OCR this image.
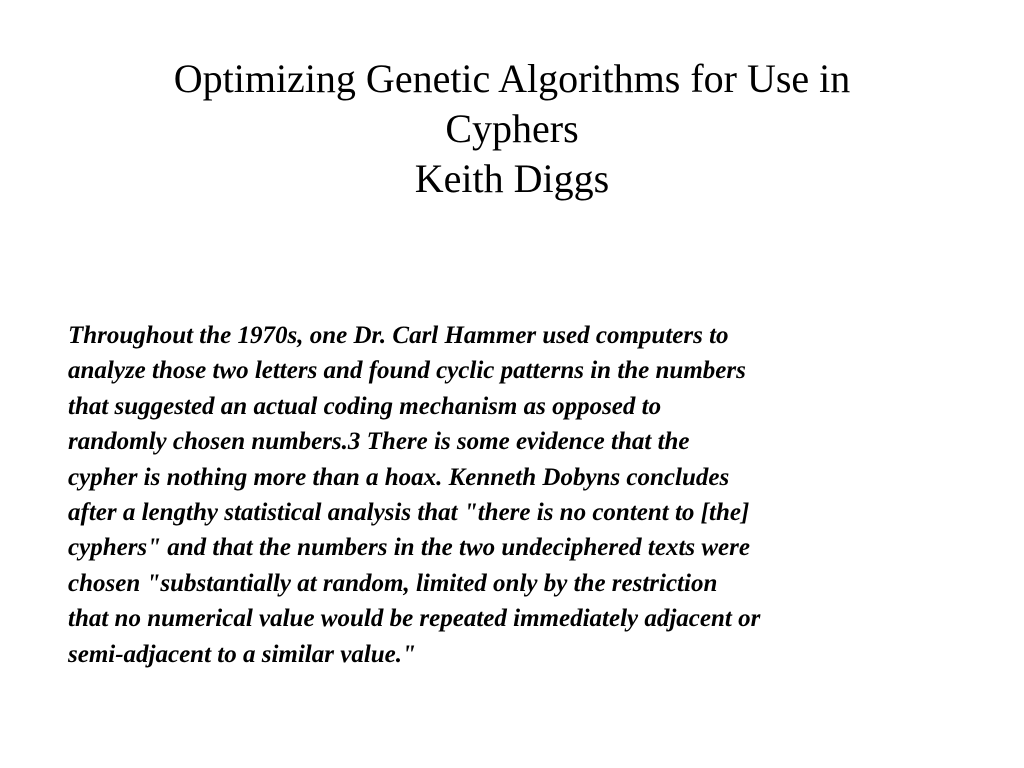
Optimizing Genetic Algorithms for Use in
Cyphers
Keith Diggs
Throughout the 1970s, one Dr. Carl Hammer used computers to
analyze those two letters and found cyclic patterns in the numbers
that suggested an actual coding mechanism as opposed to
randomly chosen numbers.3 There is some evidence that the
cypher is nothing more than a hoax. Kenneth Dobyns concludes
after a lengthy statistical analysis that "there is no content to [the]
cyphers" and that the numbers in the two undeciphered texts were
chosen "substantially at random, limited only by the restriction
that no numerical value would be repeated immediately adjacent or
semi-adjacent to a similar value."
